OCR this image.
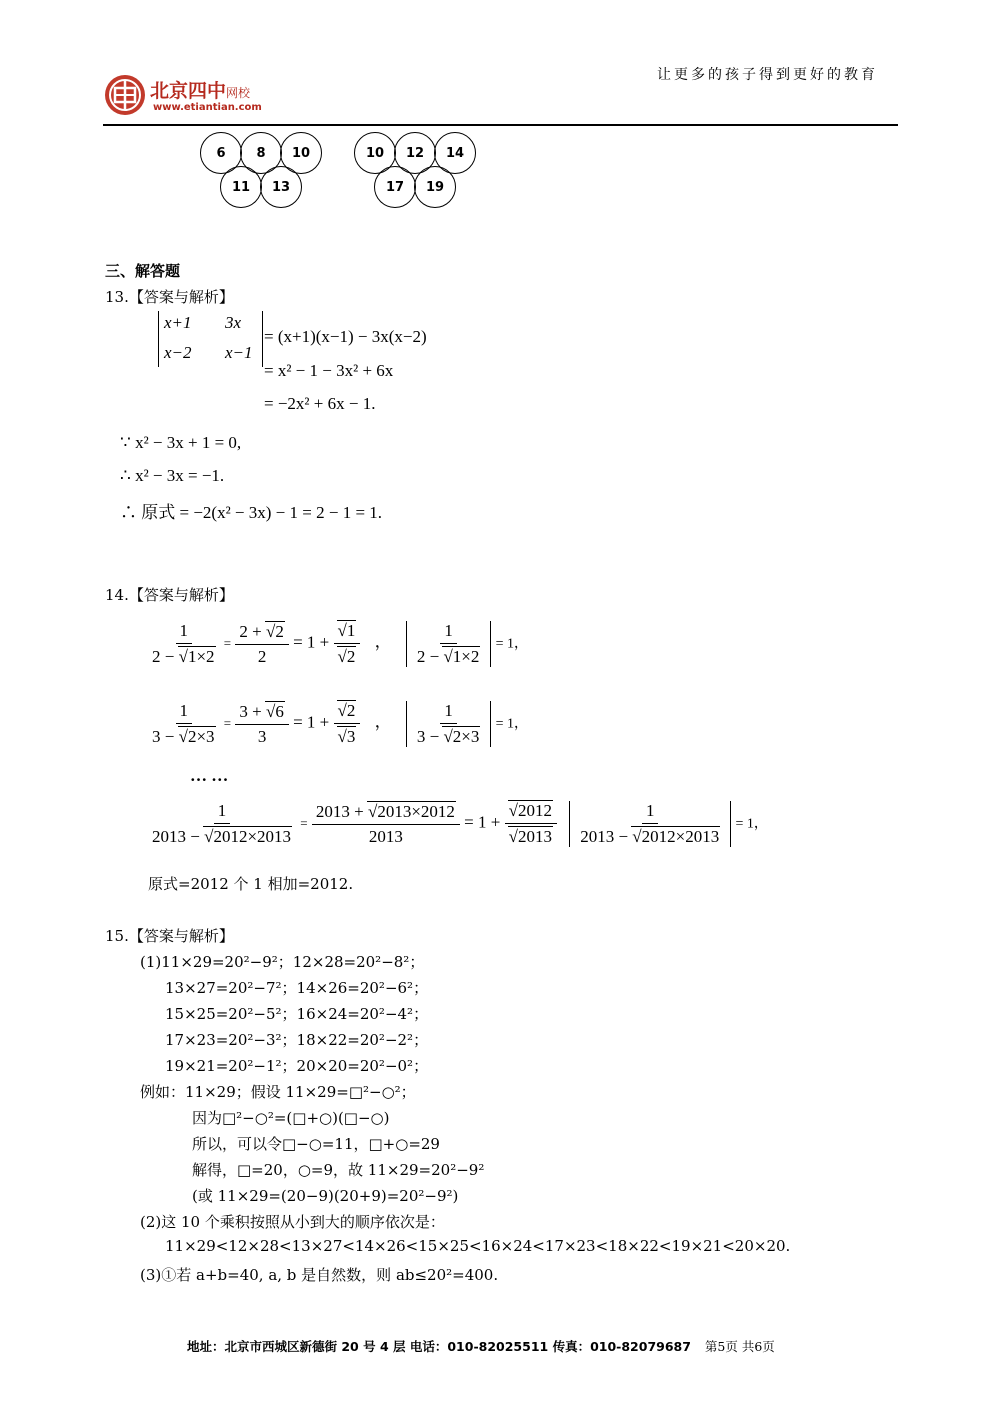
北京四中网校
www.etiantian.com
让更多的孩子得到更好的教育
6	8	10
11	13
10	12	14
17	19
三、解答题
13.【答案与解析】
x+1 3x
x−2 x−1
= (x+1)(x−1) − 3x(x−2)
= x² − 1 − 3x² + 6x
= −2x² + 6x − 1.
∵ x² − 3x + 1 = 0,
∴ x² − 3x = −1.
∴ 原式 = −2(x² − 3x) − 1 = 2 − 1 = 1.
14.【答案与解析】
$\frac{1}{2 - √1\times 2} = \frac{2 + √2}{2} = 1 + \frac{√1}{√2}$ ， $\frac{1}{2 - √1\times 2} = 1$，
$\frac{1}{3 - √2\times 3} = \frac{3 + √6}{3} = 1 + \frac{√2}{√3}$ ， $\frac{1}{3 - √2\times 3} = 1$，
… …
$\frac{1}{2013 - √2012\times 2013} = \frac{2013 + √2013\times 2012}{2013} = 1 + \frac{√2012}{√2013}$
$\frac{1}{2013 - √2012\times 2013} = 1$，
原式=2012 个 1 相加=2012.
15.【答案与解析】
(1)11×29=20²−9²；12×28=20²−8²；
13×27=20²−7²；14×26=20²−6²；
15×25=20²−5²；16×24=20²−4²；
17×23=20²−3²；18×22=20²−2²；
19×21=20²−1²；20×20=20²−0²；
例如：11×29；假设 11×29=□²−○²；
因为□²−○²=(□+○)(□−○)
所以，可以令□−○=11，□+○=29
解得，□=20，○=9，故 11×29=20²−9²
(或 11×29=(20−9)(20+9)=20²−9²)
(2)这 10 个乘积按照从小到大的顺序依次是：
11×29<12×28<13×27<14×26<15×25<16×24<17×23<18×22<19×21<20×20.
(3)①若 a+b=40, a, b 是自然数，则 ab≤20²=400.
地址：北京市西城区新德街 20 号 4 层 电话：010-82025511 传真：010-82079687 第5页 共6页
